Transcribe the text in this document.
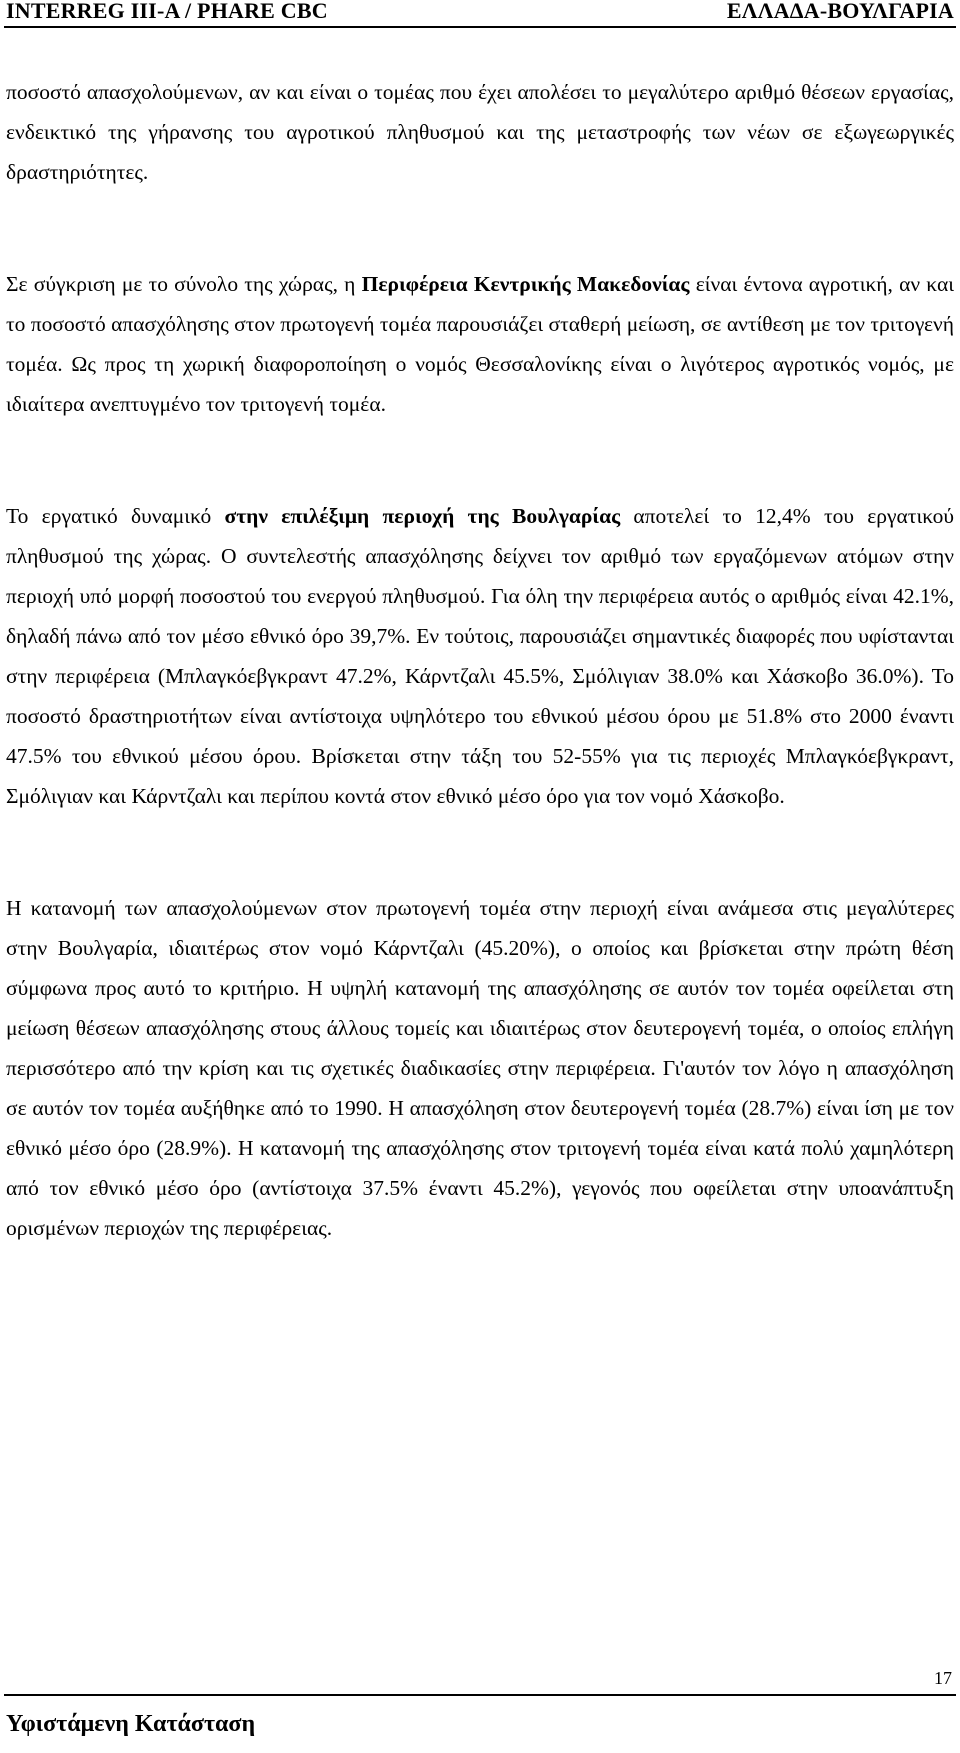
INTERREG III-A / PHARE CBC	ΕΛΛΑΔΑ-ΒΟΥΛΓΑΡΙΑ

ποσοστό απασχολούμενων, αν και είναι ο τομέας που έχει απολέσει το μεγαλύτερο αριθμό θέσεων εργασίας, ενδεικτικό της γήρανσης του αγροτικού πληθυσμού και της μεταστροφής των νέων σε εξωγεωργικές δραστηριότητες.

Σε σύγκριση με το σύνολο της χώρας, η Περιφέρεια Κεντρικής Μακεδονίας είναι έντονα αγροτική, αν και το ποσοστό απασχόλησης στον πρωτογενή τομέα παρουσιάζει σταθερή μείωση, σε αντίθεση με τον τριτογενή τομέα. Ως προς τη χωρική διαφοροποίηση ο νομός Θεσσαλονίκης είναι ο λιγότερος αγροτικός νομός, με ιδιαίτερα ανεπτυγμένο τον τριτογενή τομέα.

Το εργατικό δυναμικό στην επιλέξιμη περιοχή της Βουλγαρίας αποτελεί το 12,4% του εργατικού πληθυσμού της χώρας. Ο συντελεστής απασχόλησης δείχνει τον αριθμό των εργαζόμενων ατόμων στην περιοχή υπό μορφή ποσοστού του ενεργού πληθυσμού. Για όλη την περιφέρεια αυτός ο αριθμός είναι 42.1%, δηλαδή πάνω από τον μέσο εθνικό όρο 39,7%. Εν τούτοις, παρουσιάζει σημαντικές διαφορές που υφίστανται στην περιφέρεια (Μπλαγκόεβγκραντ 47.2%, Κάρντζαλι 45.5%, Σμόλιγιαν 38.0% και Χάσκοβο 36.0%). Το ποσοστό δραστηριοτήτων είναι αντίστοιχα υψηλότερο του εθνικού μέσου όρου με 51.8% στο 2000 έναντι 47.5% του εθνικού μέσου όρου. Βρίσκεται στην τάξη του 52-55% για τις περιοχές Μπλαγκόεβγκραντ, Σμόλιγιαν και Κάρντζαλι και περίπου κοντά στον εθνικό μέσο όρο για τον νομό Χάσκοβο.

Η κατανομή των απασχολούμενων στον πρωτογενή τομέα στην περιοχή είναι ανάμεσα στις μεγαλύτερες στην Βουλγαρία, ιδιαιτέρως στον νομό Κάρντζαλι (45.20%), ο οποίος και βρίσκεται στην πρώτη θέση σύμφωνα προς αυτό το κριτήριο. Η υψηλή κατανομή της απασχόλησης σε αυτόν τον τομέα οφείλεται στη μείωση θέσεων απασχόλησης στους άλλους τομείς και ιδιαιτέρως στον δευτερογενή τομέα, ο οποίος επλήγη περισσότερο από την κρίση και τις σχετικές διαδικασίες στην περιφέρεια. Γι'αυτόν τον λόγο η απασχόληση σε αυτόν τον τομέα αυξήθηκε από το 1990. Η απασχόληση στον δευτερογενή τομέα (28.7%) είναι ίση με τον εθνικό μέσο όρο (28.9%). Η κατανομή της απασχόλησης στον τριτογενή τομέα είναι κατά πολύ χαμηλότερη από τον εθνικό μέσο όρο (αντίστοιχα 37.5% έναντι 45.2%), γεγονός που οφείλεται στην υποανάπτυξη ορισμένων περιοχών της περιφέρειας.

17
Υφιστάμενη Κατάσταση
